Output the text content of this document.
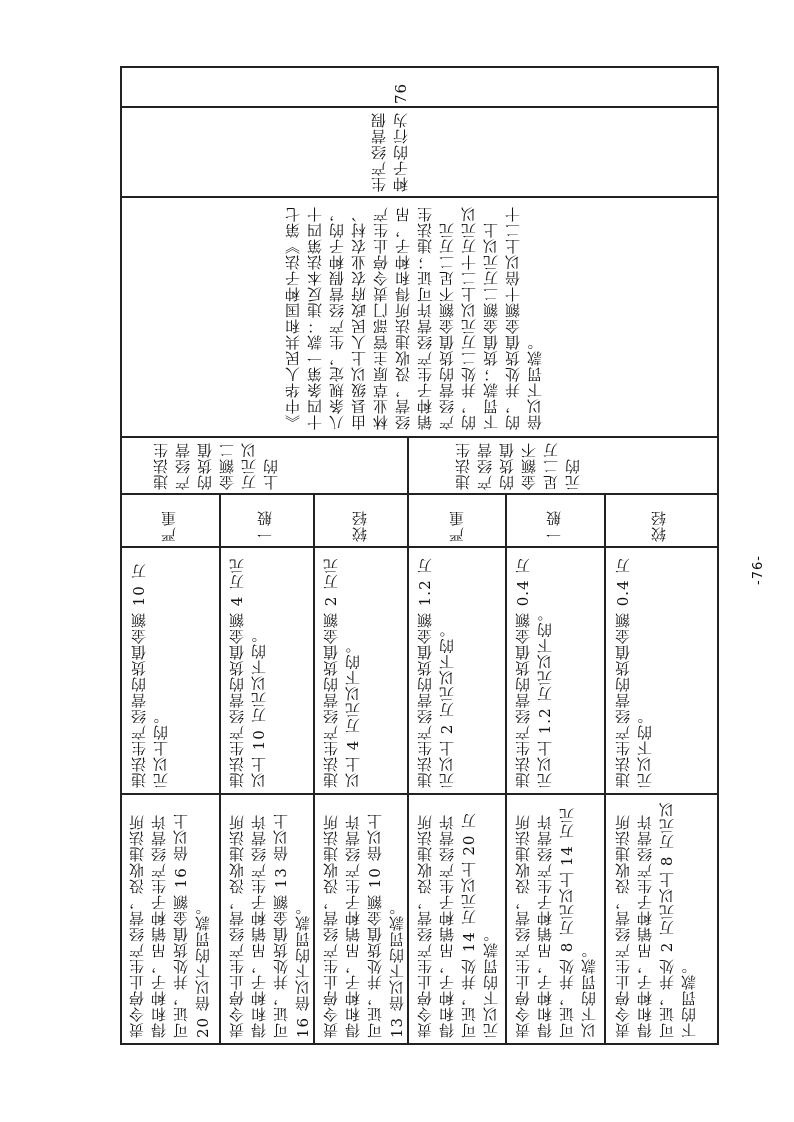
76
生产经营假种子的行为
《中华人民共和国种子法》第七十四条第一款：违反本法第四十八条规定，生产经营假种子的，由县级以上人民政府农业农村、林业草原主管部门责令停止生产经营，没收违法所得和种子，吊销种子生产经营许可证；违法生产经营的货值金额不足二万元的，并处二万元以上二十万元以下罚款；货值金额二万元以上的，并处货值金额十倍以上二十倍以下罚款。
违法生产经营的货值金额不足二万元的
较轻
一般
严重
违法生产经营的货值金额 0.4 万元以下的。
违法生产经营的货值金额 0.4 万元以上 1.2 万元以下的。
违法生产经营的货值金额 1.2 万元以上 2 万元以下的。
责令停止生产经营，没收违法所得和种子，吊销种子生产经营许可证，并处 2 万元以上 8 万元以下的罚款。
责令停止生产经营，没收违法所得和种子，吊销种子生产经营许可证，并处 8 万元以上 14 万元以下的罚款。
责令停止生产经营，没收违法所得和种子，吊销种子生产经营许可证，并处 14 万元以上 20 万元以下的罚款。
违法生产经营的货值金额二万元以上的
较轻
一般
严重
违法生产经营的货值金额 2 万元以上 4 万元以下的。
违法生产经营的货值金额 4 万元以上 10 万元以下的。
违法生产经营的货值金额 10 万元以上的。
责令停止生产经营，没收违法所得和种子，吊销种子生产经营许可证，并处货值金额 10 倍以上 13 倍以下的罚款。
责令停止生产经营，没收违法所得和种子，吊销种子生产经营许可证，并处货值金额 13 倍以上 16 倍以下的罚款。
责令停止生产经营，没收违法所得和种子，吊销种子生产经营许可证，并处货值金额 16 倍以上 20 倍以下的罚款。
-76-
